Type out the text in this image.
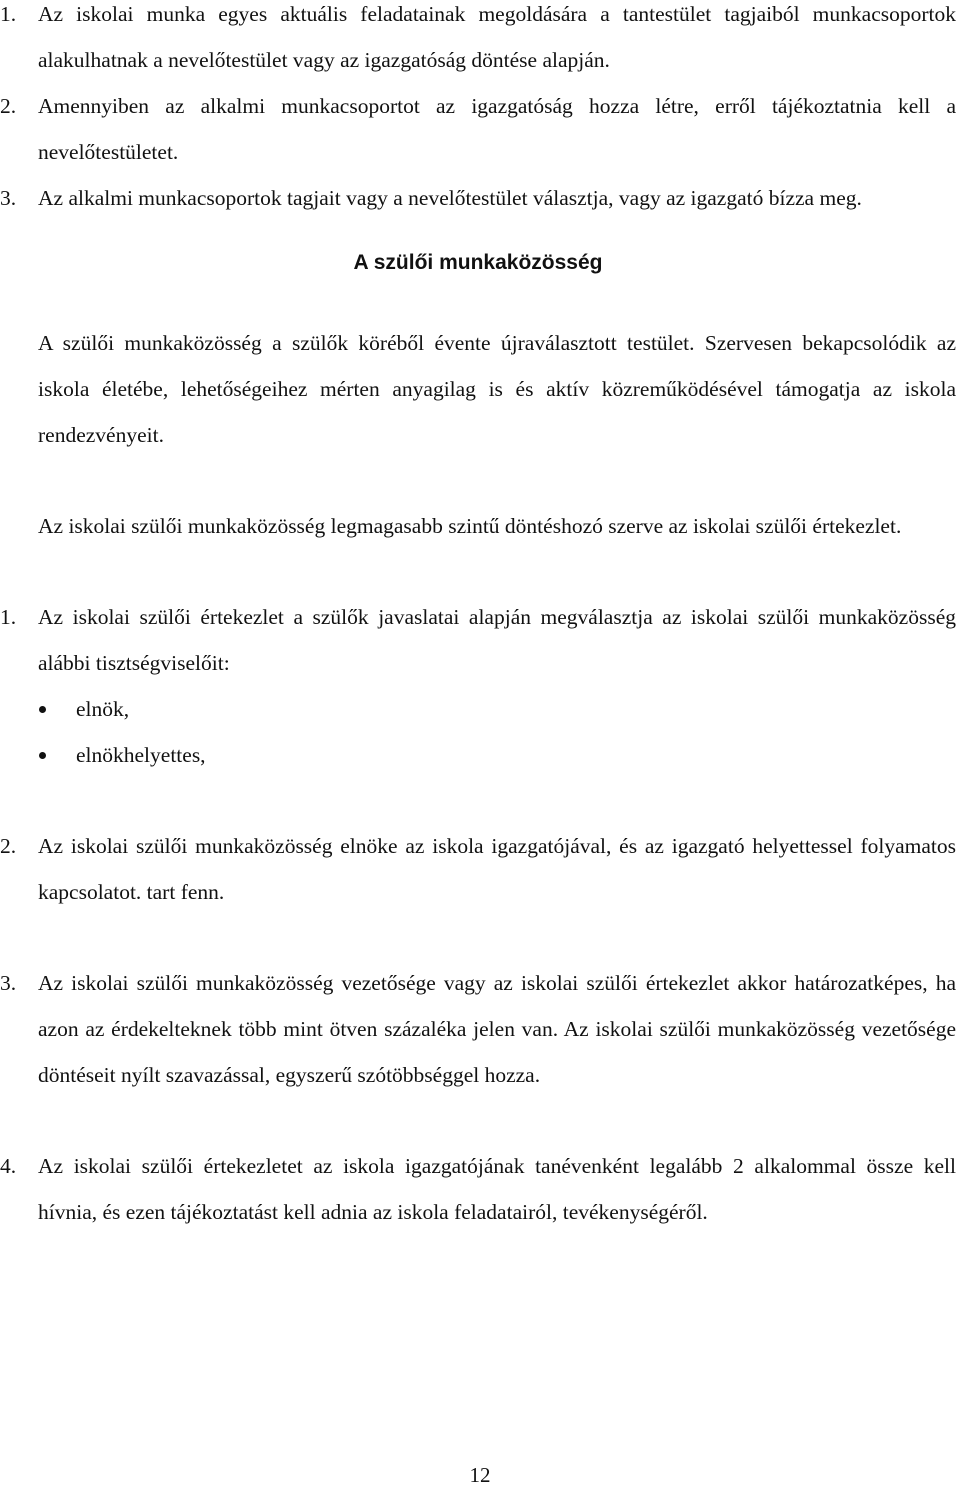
1.	Az iskolai munka egyes aktuális feladatainak megoldására a tantestület tagjaiból munkacsoportok alakulhatnak a nevelőtestület vagy az igazgatóság döntése alapján.

2.	Amennyiben az alkalmi munkacsoportot az igazgatóság hozza létre, erről tájékoztatnia kell a nevelőtestületet.

3.	Az alkalmi munkacsoportok tagjait vagy a nevelőtestület választja, vagy az igazgató bízza meg.

A szülői munkaközösség

A szülői munkaközösség a szülők köréből évente újraválasztott testület. Szervesen bekapcsolódik az iskola életébe, lehetőségeihez mérten anyagilag is és aktív közreműködésével támogatja az iskola rendezvényeit.

Az iskolai szülői munkaközösség legmagasabb szintű döntéshozó szerve az iskolai szülői értekezlet.

1.	Az iskolai szülői értekezlet a szülők javaslatai alapján megválasztja az iskolai szülői munkaközösség alábbi tisztségviselőit:

elnök,
elnökhelyettes,
2.	Az iskolai szülői munkaközösség elnöke az iskola igazgatójával, és az igazgató helyettessel folyamatos kapcsolatot. tart fenn.

3.	Az iskolai szülői munkaközösség vezetősége vagy az iskolai szülői értekezlet akkor határozatképes, ha azon az érdekelteknek több mint ötven százaléka jelen van. Az iskolai szülői munkaközösség vezetősége döntéseit nyílt szavazással, egyszerű szótöbbséggel hozza.

4.	Az iskolai szülői értekezletet az iskola igazgatójának tanévenként legalább 2 alkalommal össze kell hívnia, és ezen tájékoztatást kell adnia az iskola feladatairól, tevékenységéről.

12
